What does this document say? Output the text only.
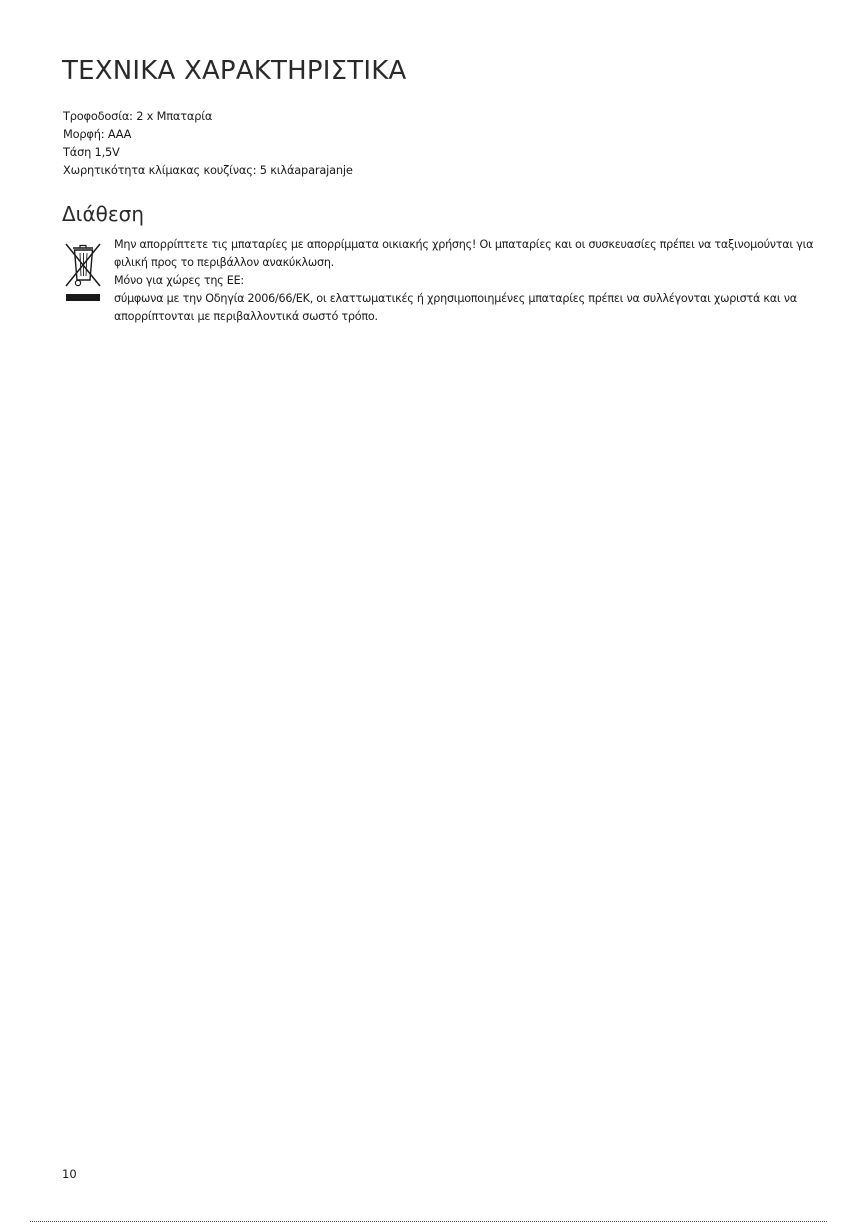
ΤΕΧΝΙΚΑ ΧΑΡΑΚΤΗΡΙΣΤΙΚΑ
Τροφοδοσία: 2 x Μπαταρία
Μορφή: AAA
Τάση 1,5V
Χωρητικότητα κλίμακας κουζίνας: 5 κιλάaparajanje
Διάθεση

Μην απορρίπτετε τις μπαταρίες με απορρίμματα οικιακής χρήσης! Οι μπαταρίες και οι συσκευασίες πρέπει να ταξινομούνται για φιλική προς το περιβάλλον ανακύκλωση.

Μόνο για χώρες της ΕΕ:

σύμφωνα με την Οδηγία 2006/66/ΕΚ, οι ελαττωματικές ή χρησιμοποιημένες μπαταρίες πρέπει να συλλέγονται χωριστά και να απορρίπτονται με περιβαλλοντικά σωστό τρόπο.

10
